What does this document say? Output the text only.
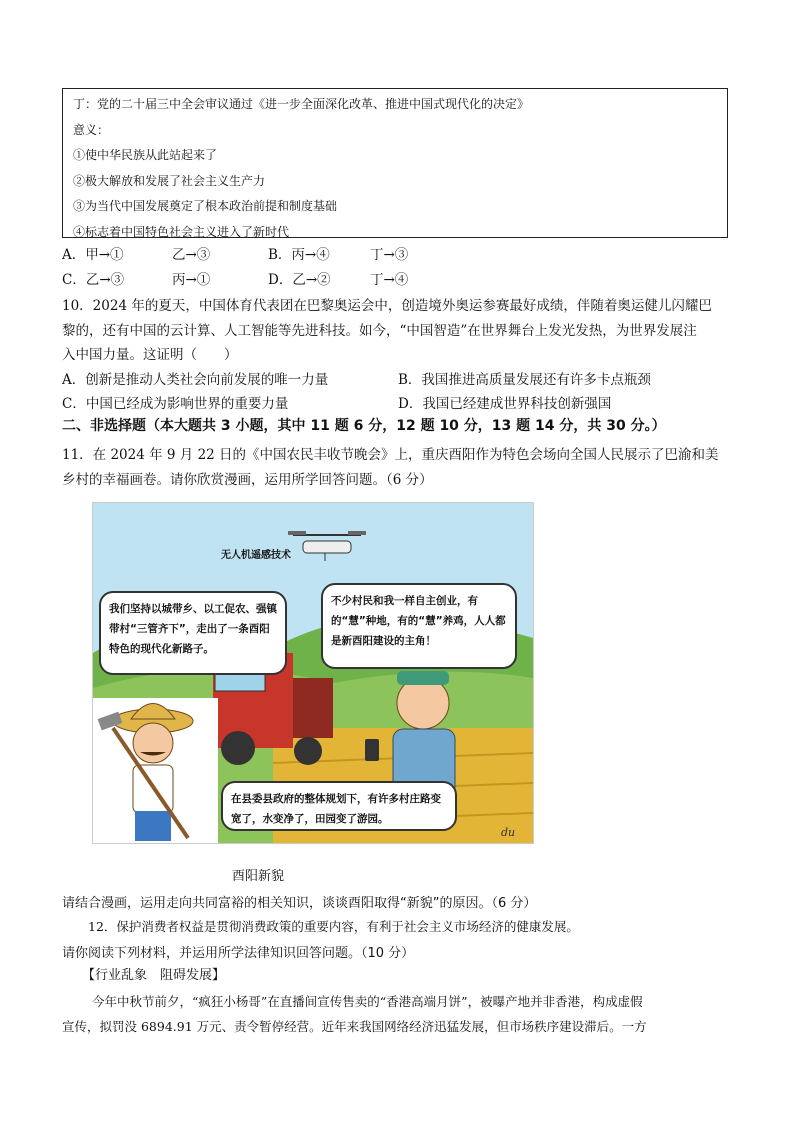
丁：党的二十届三中全会审议通过《进一步全面深化改革、推进中国式现代化的决定》
意义：
①使中华民族从此站起来了
②极大解放和发展了社会主义生产力
③为当代中国发展奠定了根本政治前提和制度基础
④标志着中国特色社会主义进入了新时代
A．甲→①	乙→③	B．丙→④	丁→③
C．乙→③	丙→①	D．乙→②	丁→④
10．2024 年的夏天，中国体育代表团在巴黎奥运会中，创造境外奥运参赛最好成绩，伴随着奥运健儿闪耀巴
黎的，还有中国的云计算、人工智能等先进科技。如今，“中国智造”在世界舞台上发光发热，为世界发展注
入中国力量。这证明（　　）
A．创新是推动人类社会向前发展的唯一力量	B．我国推进高质量发展还有许多卡点瓶颈
C．中国已经成为影响世界的重要力量	D．我国已经建成世界科技创新强国
二、非选择题（本大题共 3 小题，其中 11 题 6 分，12 题 10 分，13 题 14 分，共 30 分。）
11．在 2024 年 9 月 22 日的《中国农民丰收节晚会》上，重庆酉阳作为特色会场向全国人民展示了巴渝和美
乡村的幸福画卷。请你欣赏漫画，运用所学回答问题。（6 分）
无人机遥感技术
du
我们坚持以城带乡、以工促农、强镇带村“三管齐下”，走出了一条酉阳特色的现代化新路子。
不少村民和我一样自主创业，有的“慧”种地，有的“慧”养鸡，人人都是新酉阳建设的主角！
在县委县政府的整体规划下，有许多村庄路变宽了，水变净了，田园变了游园。
酉阳新貌
请结合漫画，运用走向共同富裕的相关知识，谈谈酉阳取得“新貌”的原因。（6 分）
12．保护消费者权益是贯彻消费政策的重要内容，有利于社会主义市场经济的健康发展。
请你阅读下列材料，并运用所学法律知识回答问题。（10 分）
【行业乱象　阻碍发展】
今年中秋节前夕，“疯狂小杨哥”在直播间宣传售卖的“香港高端月饼”，被曝产地并非香港，构成虚假
宣传，拟罚没 6894.91 万元、责令暂停经营。近年来我国网络经济迅猛发展，但市场秩序建设滞后。一方
